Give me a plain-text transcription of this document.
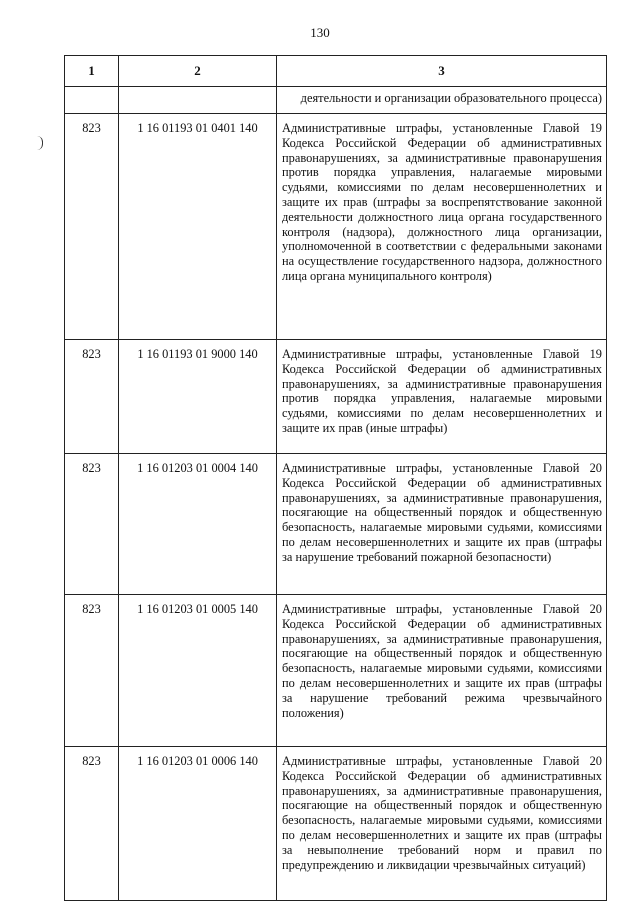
130
1	2	3
		деятельности и организации образовательного процесса)
823	1 16 01193 01 0401 140	Административные штрафы, установленные Главой 19 Кодекса Российской Федерации об административных правонарушениях, за административные правонарушения против порядка управления, налагаемые мировыми судьями, комиссиями по делам несовершеннолетних и защите их прав (штрафы за воспрепятствование законной деятельности должностного лица органа государственного контроля (надзора), должностного лица организации, уполномоченной в соответствии с федеральными законами на осуществление государственного надзора, должностного лица органа муниципального контроля)
823	1 16 01193 01 9000 140	Административные штрафы, установленные Главой 19 Кодекса Российской Федерации об административных правонарушениях, за административные правонарушения против порядка управления, налагаемые мировыми судьями, комиссиями по делам несовершеннолетних и защите их прав (иные штрафы)
823	1 16 01203 01 0004 140	Административные штрафы, установленные Главой 20 Кодекса Российской Федерации об административных правонарушениях, за административные правонарушения, посягающие на общественный порядок и общественную безопасность, налагаемые мировыми судьями, комиссиями по делам несовершеннолетних и защите их прав (штрафы за нарушение требований пожарной безопасности)
823	1 16 01203 01 0005 140	Административные штрафы, установленные Главой 20 Кодекса Российской Федерации об административных правонарушениях, за административные правонарушения, посягающие на общественный порядок и общественную безопасность, налагаемые мировыми судьями, комиссиями по делам несовершеннолетних и защите их прав (штрафы за нарушение требований режима чрезвычайного положения)
823	1 16 01203 01 0006 140	Административные штрафы, установленные Главой 20 Кодекса Российской Федерации об административных правонарушениях, за административные правонарушения, посягающие на общественный порядок и общественную безопасность, налагаемые мировыми судьями, комиссиями по делам несовершеннолетних и защите их прав (штрафы за невыполнение требований норм и правил по предупреждению и ликвидации чрезвычайных ситуаций)
